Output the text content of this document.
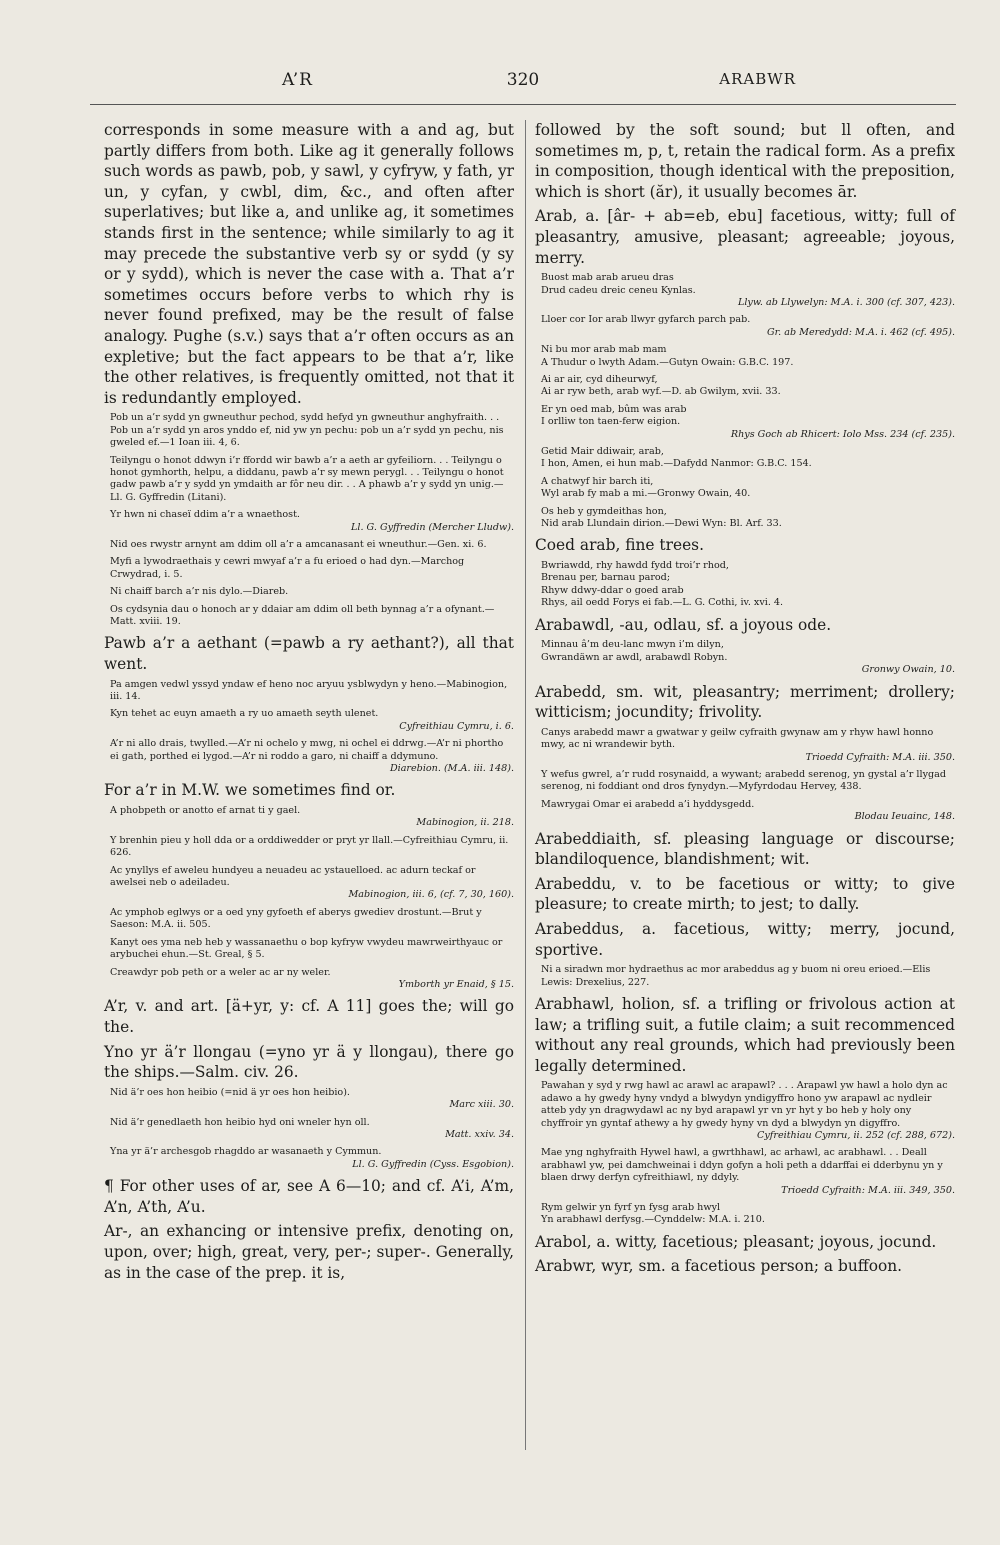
A’R	320	ARABWR
corresponds in some measure with a and ag, but partly differs from both. Like ag it generally follows such words as pawb, pob, y sawl, y cyfryw, y fath, yr un, y cyfan, y cwbl, dim, &c., and often after superlatives; but like a, and unlike ag, it sometimes stands first in the sentence; while similarly to ag it may precede the substantive verb sy or sydd (y sy or y sydd), which is never the case with a. That a’r sometimes occurs before verbs to which rhy is never found prefixed, may be the result of false analogy. Pughe (s.v.) says that a’r often occurs as an expletive; but the fact appears to be that a’r, like the other relatives, is frequently omitted, not that it is redundantly employed.
Pob un a’r sydd yn gwneuthur pechod, sydd hefyd yn gwneuthur anghyfraith. . . Pob un a’r sydd yn aros ynddo ef, nid yw yn pechu: pob un a’r sydd yn pechu, nis gweled ef.—1 Ioan iii. 4, 6.
Teilyngu o honot ddwyn i’r ffordd wir bawb a’r a aeth ar gyfeiliorn. . . Teilyngu o honot gymhorth, helpu, a diddanu, pawb a’r sy mewn perygl. . . Teilyngu o honot gadw pawb a’r y sydd yn ymdaith ar fôr neu dir. . . A phawb a’r y sydd yn unig.—Ll. G. Gyffredin (Litani).
Yr hwn ni chaseï ddim a’r a wnaethost.
Ll. G. Gyffredin (Mercher Lludw).
Nid oes rwystr arnynt am ddim oll a’r a amcanasant ei wneuthur.—Gen. xi. 6.
Myfi a lywodraethais y cewri mwyaf a’r a fu erioed o had dyn.—Marchog Crwydrad, i. 5.
Ni chaiff barch a’r nis dylo.—Diareb.
Os cydsynia dau o honoch ar y ddaiar am ddim oll beth bynnag a’r a ofynant.—Matt. xviii. 19.
Pawb a’r a aethant (=pawb a ry aethant?), all that went.
Pa amgen vedwl yssyd yndaw ef heno noc aryuu ysblwydyn y heno.—Mabinogion, iii. 14.
Kyn tehet ac euyn amaeth a ry uo amaeth seyth ulenet.
Cyfreithiau Cymru, i. 6.
A’r ni allo drais, twylled.—A’r ni ochelo y mwg, ni ochel ei ddrwg.—A’r ni phortho ei gath, porthed ei lygod.—A’r ni roddo a garo, ni chaiff a ddymuno.
Diarebion. (M.A. iii. 148).
For a’r in M.W. we sometimes find or.
A phobpeth or anotto ef arnat ti y gael.
Mabinogion, ii. 218.
Y brenhin pieu y holl dda or a orddiwedder or pryt yr llall.—Cyfreithiau Cymru, ii. 626.
Ac ynyllys ef aweleu hundyeu a neuadeu ac ystauelloed. ac adurn teckaf or awelsei neb o adeiladeu.
Mabinogion, iii. 6, (cf. 7, 30, 160).
Ac ymphob eglwys or a oed yny gyfoeth ef aberys gwediev drostunt.—Brut y Saeson: M.A. ii. 505.
Kanyt oes yma neb heb y wassanaethu o bop kyfryw vwydeu mawrweirthyauc or arybuchei ehun.—St. Greal, § 5.
Creawdyr pob peth or a weler ac ar ny weler.
Ymborth yr Enaid, § 15.
A’r, v. and art. [ä+yr, y: cf. A 11] goes the; will go the.
Yno yr ä’r llongau (=yno yr ä y llongau), there go the ships.—Salm. civ. 26.
Nid ä’r oes hon heibio (=nid ä yr oes hon heibio).
Marc xiii. 30.
Nid ä’r genedlaeth hon heibio hyd oni wneler hyn oll.
Matt. xxiv. 34.
Yna yr ä’r archesgob rhagddo ar wasanaeth y Cymmun.
Ll. G. Gyffredin (Cyss. Esgobion).
¶ For other uses of ar, see A 6—10; and cf. A’i, A’m, A’n, A’th, A’u.
Ar-, an exhancing or intensive prefix, denoting on, upon, over; high, great, very, per-; super-. Generally, as in the case of the prep. it is,
followed by the soft sound; but ll often, and sometimes m, p, t, retain the radical form. As a prefix in composition, though identical with the preposition, which is short (ăr), it usually becomes ār.
Arab, a. [âr- + ab=eb, ebu] facetious, witty; full of pleasantry, amusive, pleasant; agreeable; joyous, merry.
Buost mab arab arueu dras
Drud cadeu dreic ceneu Kynlas.
Llyw. ab Llywelyn: M.A. i. 300 (cf. 307, 423).
Lloer cor Ior arab llwyr gyfarch parch pab.
Gr. ab Meredydd: M.A. i. 462 (cf. 495).
Ni bu mor arab mab mam
A Thudur o lwyth Adam.—Gutyn Owain: G.B.C. 197.
Ai ar air, cyd diheurwyf,
Ai ar ryw beth, arab wyf.—D. ab Gwilym, xvii. 33.
Er yn oed mab, bûm was arab
I orlliw ton taen-ferw eigion.
Rhys Goch ab Rhicert: Iolo Mss. 234 (cf. 235).
Getid Mair ddiwair, arab,
I hon, Amen, ei hun mab.—Dafydd Nanmor: G.B.C. 154.
A chatwyf hir barch iti,
Wyl arab fy mab a mi.—Gronwy Owain, 40.
Os heb y gymdeithas hon,
Nid arab Llundain dirion.—Dewi Wyn: Bl. Arf. 33.
Coed arab, fine trees.
Bwriawdd, rhy hawdd fydd troi’r rhod,
Brenau per, barnau parod;
Rhyw ddwy-ddar o goed arab
Rhys, ail oedd Forys ei fab.—L. G. Cothi, iv. xvi. 4.
Arabawdl, -au, odlau, sf. a joyous ode.
Minnau â’m deu-lanc mwyn i’m dilyn,
Gwrandäwn ar awdl, arabawdl Robyn.
Gronwy Owain, 10.
Arabedd, sm. wit, pleasantry; merriment; drollery; witticism; jocundity; frivolity.
Canys arabedd mawr a gwatwar y geilw cyfraith gwynaw am y rhyw hawl honno mwy, ac ni wrandewir byth.
Trioedd Cyfraith: M.A. iii. 350.
Y wefus gwrel, a’r rudd rosynaidd, a wywant; arabedd serenog, yn gystal a’r llygad serenog, ni foddiant ond dros fynydyn.—Myfyrdodau Hervey, 438.
Mawrygai Omar ei arabedd a’i hyddysgedd.
Blodau Ieuainc, 148.
Arabeddiaith, sf. pleasing language or discourse; blandiloquence, blandishment; wit.
Arabeddu, v. to be facetious or witty; to give pleasure; to create mirth; to jest; to dally.
Arabeddus, a. facetious, witty; merry, jocund, sportive.
Ni a siradwn mor hydraethus ac mor arabeddus ag y buom ni oreu erioed.—Elis Lewis: Drexelius, 227.
Arabhawl, holion, sf. a trifling or frivolous action at law; a trifling suit, a futile claim; a suit recommenced without any real grounds, which had previously been legally determined.
Pawahan y syd y rwg hawl ac arawl ac arapawl? . . . Arapawl yw hawl a holo dyn ac adawo a hy gwedy hyny vndyd a blwydyn yndigyffro hono yw arapawl ac nydleir atteb ydy yn dragwydawl ac ny byd arapawl yr vn yr hyt y bo heb y holy ony chyffroir yn gyntaf athewy a hy gwedy hyny vn dyd a blwydyn yn digyffro.
Cyfreithiau Cymru, ii. 252 (cf. 288, 672).
Mae yng nghyfraith Hywel hawl, a gwrthhawl, ac arhawl, ac arabhawl. . . Deall arabhawl yw, pei damchweinai i ddyn gofyn a holi peth a ddarffai ei dderbynu yn y blaen drwy derfyn cyfreithiawl, ny ddyly.
Trioedd Cyfraith: M.A. iii. 349, 350.
Rym gelwir yn fyrf yn fysg arab hwyl
Yn arabhawl derfysg.—Cynddelw: M.A. i. 210.
Arabol, a. witty, facetious; pleasant; joyous, jocund.
Arabwr, wyr, sm. a facetious person; a buffoon.
